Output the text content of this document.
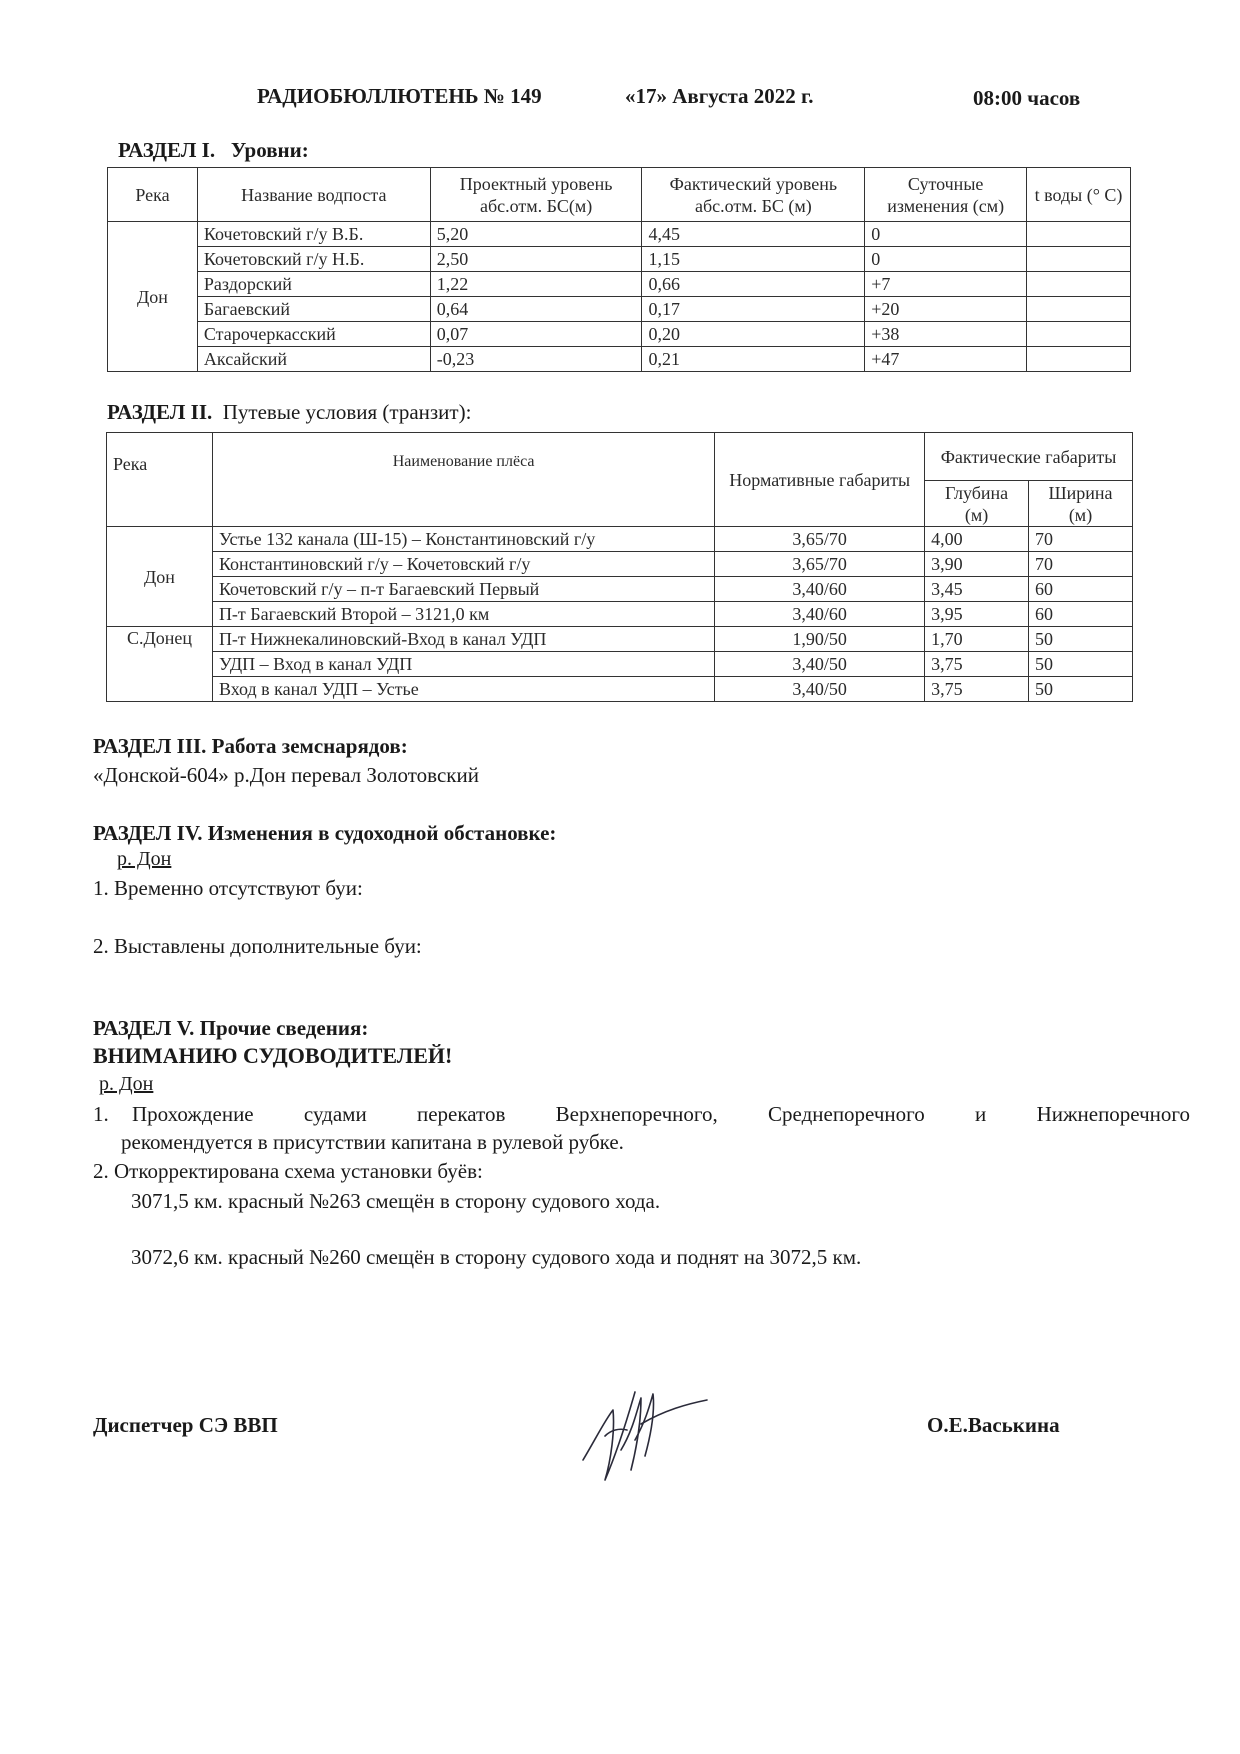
РАДИОБЮЛЛЮТЕНЬ № 149	«17» Августа 2022 г.	08:00 часов
РАЗДЕЛ I. Уровни:
Река	Название водпоста	Проектный уровень абс.отм. БС(м)	Фактический уровень абс.отм. БС (м)	Суточные изменения (см)	t воды (° С)
Дон	Кочетовский г/у В.Б.	5,20	4,45	0	
	Кочетовский г/у Н.Б.	2,50	1,15	0	
	Раздорский	1,22	0,66	+7	
	Багаевский	0,64	0,17	+20	
	Старочеркасский	0,07	0,20	+38	
	Аксайский	-0,23	0,21	+47	
РАЗДЕЛ II. Путевые условия (транзит):
Река	Наименование плёса	Нормативные габариты	Фактические габариты	
			Глубина (м)	Ширина (м)
Дон	Устье 132 канала (Ш-15) – Константиновский г/у	3,65/70	4,00	70
	Константиновский г/у – Кочетовский г/у	3,65/70	3,90	70
	Кочетовский г/у – п-т Багаевский Первый	3,40/60	3,45	60
	П-т Багаевский Второй – 3121,0 км	3,40/60	3,95	60
С.Донец	П-т Нижнекалиновский-Вход в канал УДП	1,90/50	1,70	50
	УДП – Вход в канал УДП	3,40/50	3,75	50
	Вход в канал УДП – Устье	3,40/50	3,75	50
РАЗДЕЛ III. Работа земснарядов:
«Донской-604» р.Дон перевал Золотовский
РАЗДЕЛ IV. Изменения в судоходной обстановке:
р. Дон
1. Временно отсутствуют буи:
2. Выставлены дополнительные буи:
РАЗДЕЛ V. Прочие сведения:
ВНИМАНИЮ СУДОВОДИТЕЛЕЙ!
р. Дон
1. Прохождение судами перекатов Верхнепоречного, Среднепоречного и Нижнепоречного
рекомендуется в присутствии капитана в рулевой рубке.
2. Откорректирована схема установки буёв:
3071,5 км. красный №263 смещён в сторону судового хода.
3072,6 км. красный №260 смещён в сторону судового хода и поднят на 3072,5 км.
Диспетчер СЭ ВВП	О.Е.Васькина
